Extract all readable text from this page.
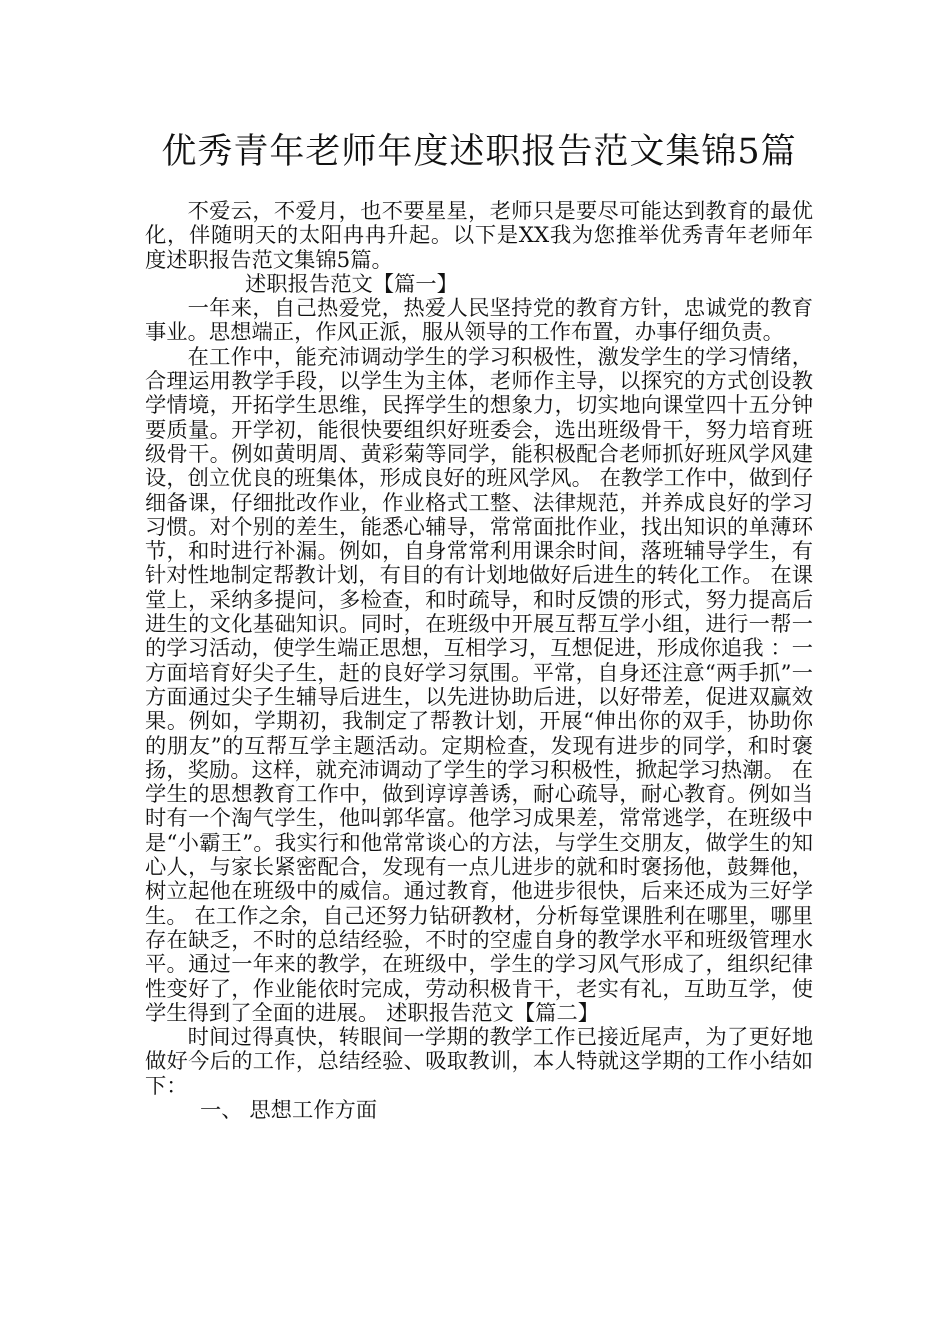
优秀青年老师年度述职报告范文集锦5篇

不爱云，不爱月，也不要星星，老师只是要尽可能达到教育的最优化，伴随明天的太阳冉冉升起。以下是XX我为您推举优秀青年老师年度述职报告范文集锦5篇。

述职报告范文【篇一】

一年来，自己热爱党，热爱人民坚持党的教育方针，忠诚党的教育事业。思想端正，作风正派，服从领导的工作布置，办事仔细负责。

在工作中，能充沛调动学生的学习积极性，激发学生的学习情绪，合理运用教学手段，以学生为主体，老师作主导，以探究的方式创设教学情境，开拓学生思维，民挥学生的想象力，切实地向课堂四十五分钟要质量。开学初，能很快要组织好班委会，选出班级骨干，努力培育班级骨干。例如黄明周、黄彩菊等同学，能积极配合老师抓好班风学风建设，创立优良的班集体，形成良好的班风学风。 在教学工作中，做到仔细备课，仔细批改作业，作业格式工整、法律规范，并养成良好的学习习惯。对个别的差生，能悉心辅导，常常面批作业，找出知识的单薄环节，和时进行补漏。例如，自身常常利用课余时间，落班辅导学生，有针对性地制定帮教计划，有目的有计划地做好后进生的转化工作。 在课堂上，采纳多提问，多检查，和时疏导，和时反馈的形式，努力提高后进生的文化基础知识。同时，在班级中开展互帮互学小组，进行一帮一的学习活动，使学生端正思想，互相学习，互想促进，形成你追我 ：一方面培育好尖子生，赶的良好学习氛围。平常，自身还注意“两手抓”一方面通过尖子生辅导后进生，以先进协助后进，以好带差，促进双赢效果。例如，学期初，我制定了帮教计划，开展“伸出你的双手，协助你的朋友”的互帮互学主题活动。定期检查，发现有进步的同学，和时褒扬，奖励。这样，就充沛调动了学生的学习积极性，掀起学习热潮。 在学生的思想教育工作中，做到谆谆善诱，耐心疏导，耐心教育。例如当时有一个淘气学生，他叫郭华富。他学习成果差，常常逃学，在班级中是“小霸王”。我实行和他常常谈心的方法，与学生交朋友，做学生的知心人，与家长紧密配合，发现有一点儿进步的就和时褒扬他，鼓舞他，树立起他在班级中的威信。通过教育，他进步很快，后来还成为三好学生。 在工作之余，自己还努力钻研教材，分析每堂课胜利在哪里，哪里存在缺乏，不时的总结经验，不时的空虚自身的教学水平和班级管理水平。通过一年来的教学，在班级中，学生的学习风气形成了，组织纪律性变好了，作业能依时完成，劳动积极肯干，老实有礼，互助互学，使学生得到了全面的进展。 述职报告范文【篇二】

时间过得真快，转眼间一学期的教学工作已接近尾声，为了更好地做好今后的工作，总结经验、吸取教训，本人特就这学期的工作小结如下：

一、 思想工作方面
